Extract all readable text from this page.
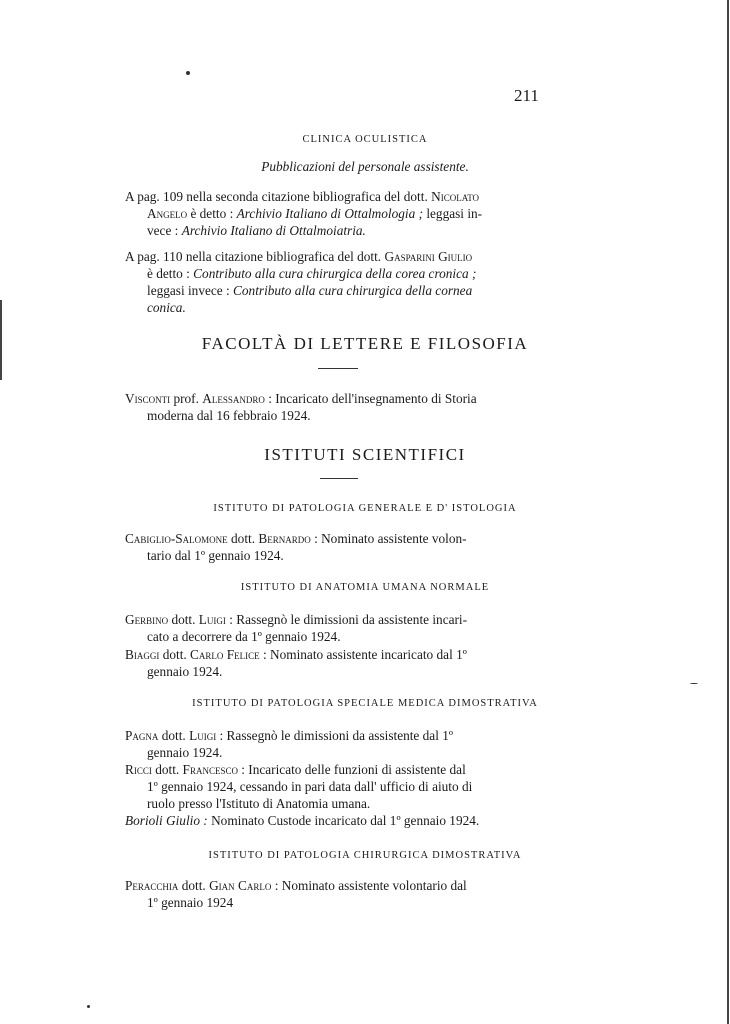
211
CLINICA OCULISTICA
Pubblicazioni del personale assistente.
A pag. 109 nella seconda citazione bibliografica del dott. Nicolato
Angelo è detto : Archivio Italiano di Ottalmologia ; leggasi in-
vece : Archivio Italiano di Ottalmoiatria.
A pag. 110 nella citazione bibliografica del dott. Gasparini Giulio
è detto : Contributo alla cura chirurgica della corea cronica ;
leggasi invece : Contributo alla cura chirurgica della cornea
conica.
FACOLTÀ DI LETTERE E FILOSOFIA
Visconti prof. Alessandro : Incaricato dell'insegnamento di Storia
moderna dal 16 febbraio 1924.
ISTITUTI SCIENTIFICI
ISTITUTO DI PATOLOGIA GENERALE E D' ISTOLOGIA
Cabiglio-Salomone dott. Bernardo : Nominato assistente volon-
tario dal 1º gennaio 1924.
ISTITUTO DI ANATOMIA UMANA NORMALE
Gerbino dott. Luigi : Rassegnò le dimissioni da assistente incari-
cato a decorrere da 1º gennaio 1924.
Biaggi dott. Carlo Felice : Nominato assistente incaricato dal 1º
gennaio 1924.
ISTITUTO DI PATOLOGIA SPECIALE MEDICA DIMOSTRATIVA
Pagna dott. Luigi : Rassegnò le dimissioni da assistente dal 1º
gennaio 1924.
Ricci dott. Francesco : Incaricato delle funzioni di assistente dal
1º gennaio 1924, cessando in pari data dall' ufficio di aiuto di
ruolo presso l'Istituto di Anatomia umana.
Borioli Giulio : Nominato Custode incaricato dal 1º gennaio 1924.
ISTITUTO DI PATOLOGIA CHIRURGICA DIMOSTRATIVA
Peracchia dott. Gian Carlo : Nominato assistente volontario dal
1º gennaio 1924
